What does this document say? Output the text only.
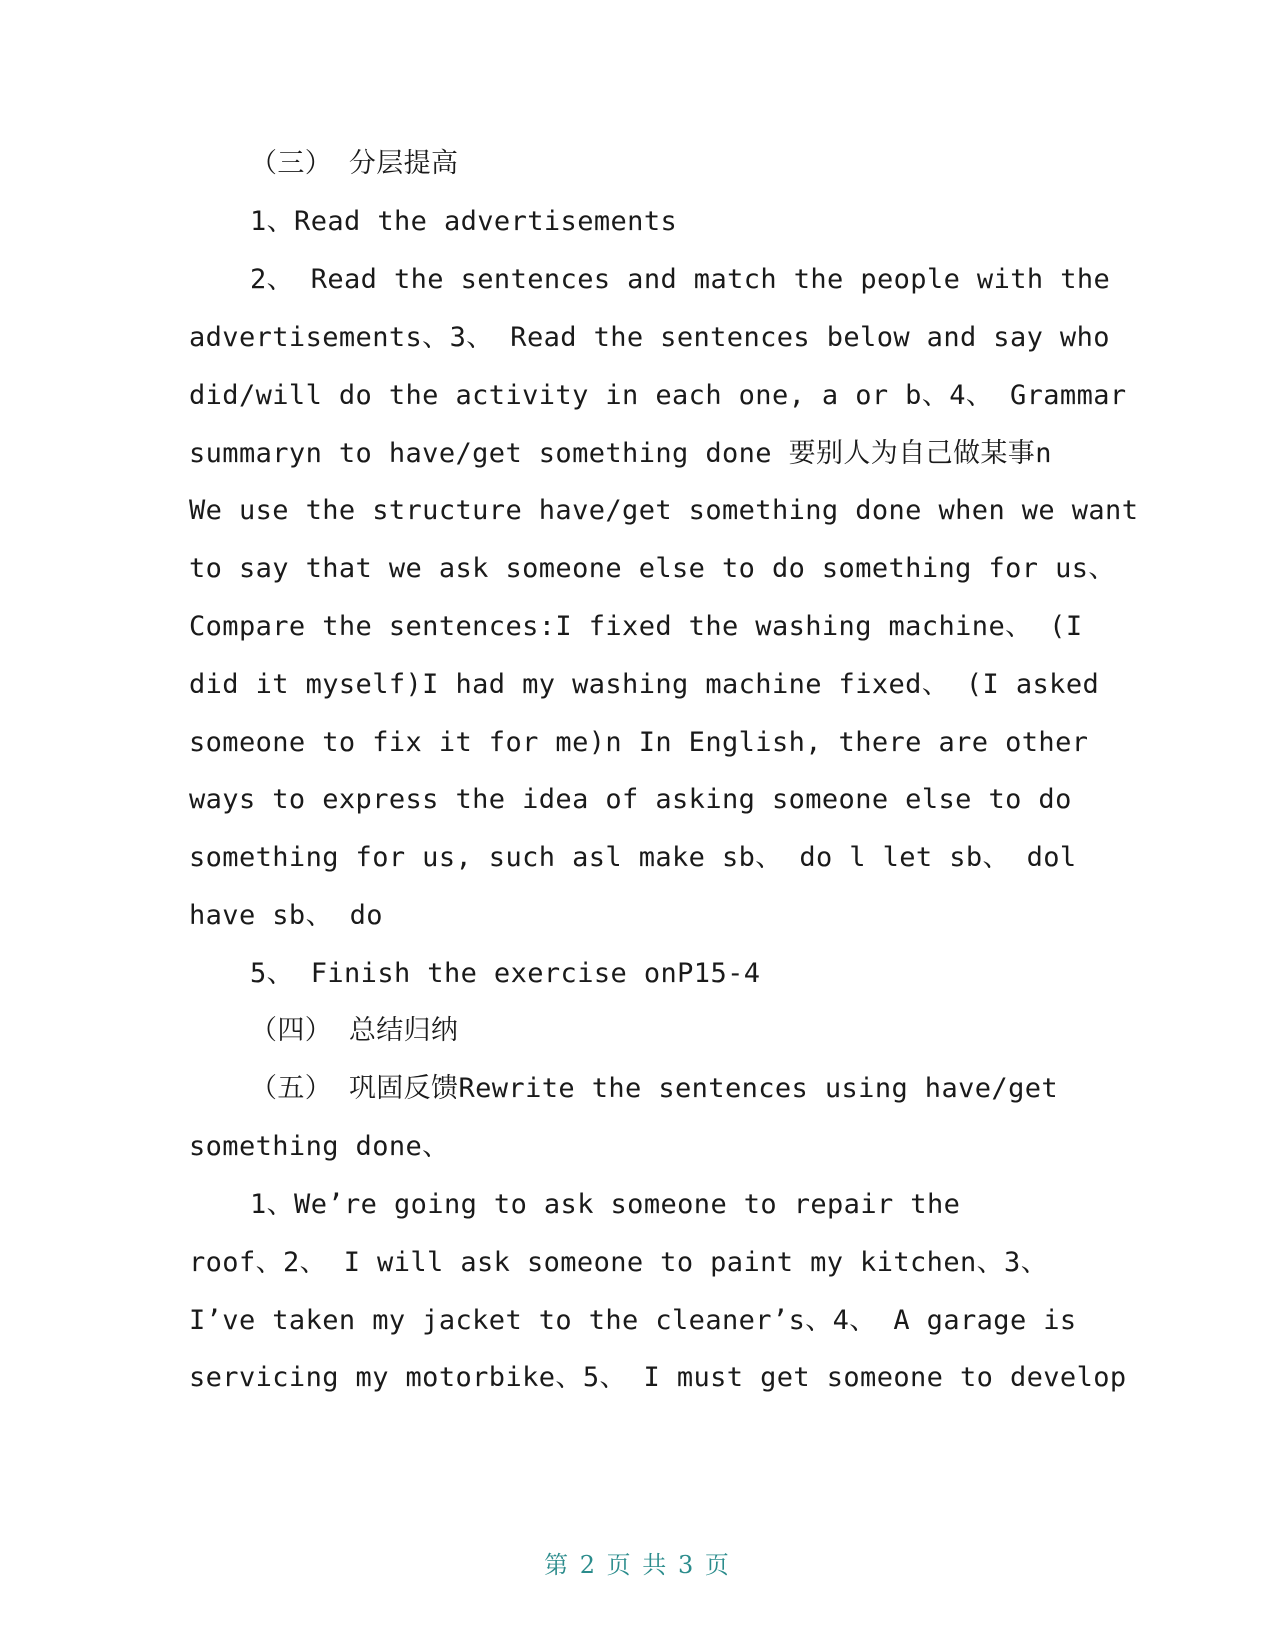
（三） 分层提高
1、Read the advertisements
2、 Read the sentences and match the people with the
advertisements、3、 Read the sentences below and say who
did/will do the activity in each one, a or b、4、 Grammar
summaryn to have/get something done 要别人为自己做某事n
We use the structure have/get something done when we want
to say that we ask someone else to do something for us、
Compare the sentences:I fixed the washing machine、 (I
did it myself)I had my washing machine fixed、 (I asked
someone to fix it for me)n In English, there are other
ways to express the idea of asking someone else to do
something for us, such asl make sb、 do l let sb、 dol
have sb、 do
5、 Finish the exercise onP15-4
（四） 总结归纳
（五） 巩固反馈Rewrite the sentences using have/get
something done、
1、We’re going to ask someone to repair the
roof、2、 I will ask someone to paint my kitchen、3、
I’ve taken my jacket to the cleaner’s、4、 A garage is
servicing my motorbike、5、 I must get someone to develop
第 2 页 共 3 页
